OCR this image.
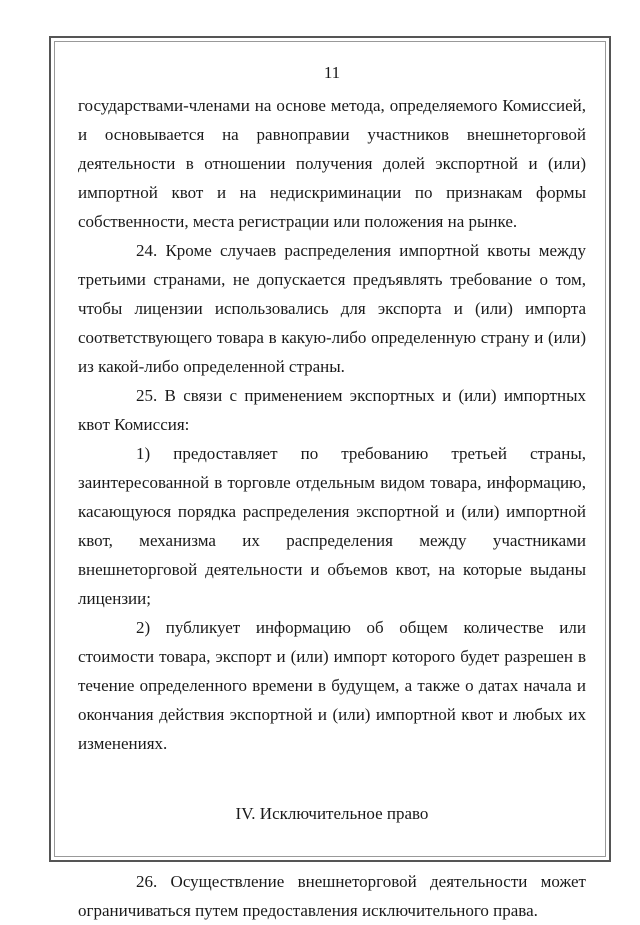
11

государствами-членами на основе метода, определяемого Комиссией, и основывается на равноправии участников внешнеторговой деятельности в отношении получения долей экспортной и (или) импортной квот и на недискриминации по признакам формы собственности, места регистрации или положения на рынке.

24. Кроме случаев распределения импортной квоты между третьими странами, не допускается предъявлять требование о том, чтобы лицензии использовались для экспорта и (или) импорта соответствующего товара в какую-либо определенную страну и (или) из какой-либо определенной страны.

25. В связи с применением экспортных и (или) импортных квот Комиссия:

1) предоставляет по требованию третьей страны, заинтересованной в торговле отдельным видом товара, информацию, касающуюся порядка распределения экспортной и (или) импортной квот, механизма их распределения между участниками внешнеторговой деятельности и объемов квот, на которые выданы лицензии;

2) публикует информацию об общем количестве или стоимости товара, экспорт и (или) импорт которого будет разрешен в течение определенного времени в будущем, а также о датах начала и окончания действия экспортной и (или) импортной квот и любых их изменениях.

IV. Исключительное право

26. Осуществление внешнеторговой деятельности может ограничиваться путем предоставления исключительного права.
